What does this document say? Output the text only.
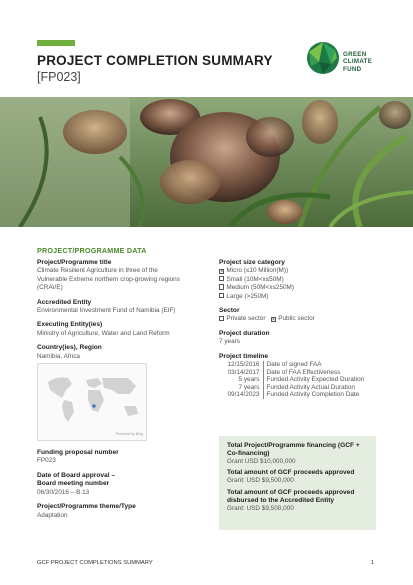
PROJECT COMPLETION SUMMARY
[FP023]
GREEN
CLIMATE
FUND
PROJECT/PROGRAMME DATA
Project/Programme title
Climate Resilient Agriculture in three of the Vulnerable Extreme northern crop-growing regions (CRAVE)
Accredited Entity
Environmental Investment Fund of Namibia (EIF)
Executing Entity(ies)
Ministry of Agriculture, Water and Land Reform
Country(ies), Region
Namibia, Africa
Powered by Bing
Funding proposal number
FP023
Date of Board approval –
Board meeting number
06/30/2016 – B.13
Project/Programme theme/Type
Adaptation
Project size category
× Micro (≤10 Million(M))
Small (10M<x≤50M)
Medium (50M<x≤250M)
Large (>250M)
Sector
Private sector × Public sector
Project duration
7 years
Project timeline
12/15/2016	Date of signed FAA
03/14/2017	Date of FAA Effectiveness
5 years	Funded Activity Expected Duration
7 years	Funded Activity Actual Duration
09/14/2023	Funded Activity Completion Date
Total Project/Programme financing (GCF + Co-financing)
Grant USD $10,000,000
Total amount of GCF proceeds approved
Grant: USD $9,500,000
Total amount of GCF proceeds approved disbursed to the Accredited Entity
Grant: USD $9,500,000
GCF PROJECT COMPLETIONS SUMMARY	1
